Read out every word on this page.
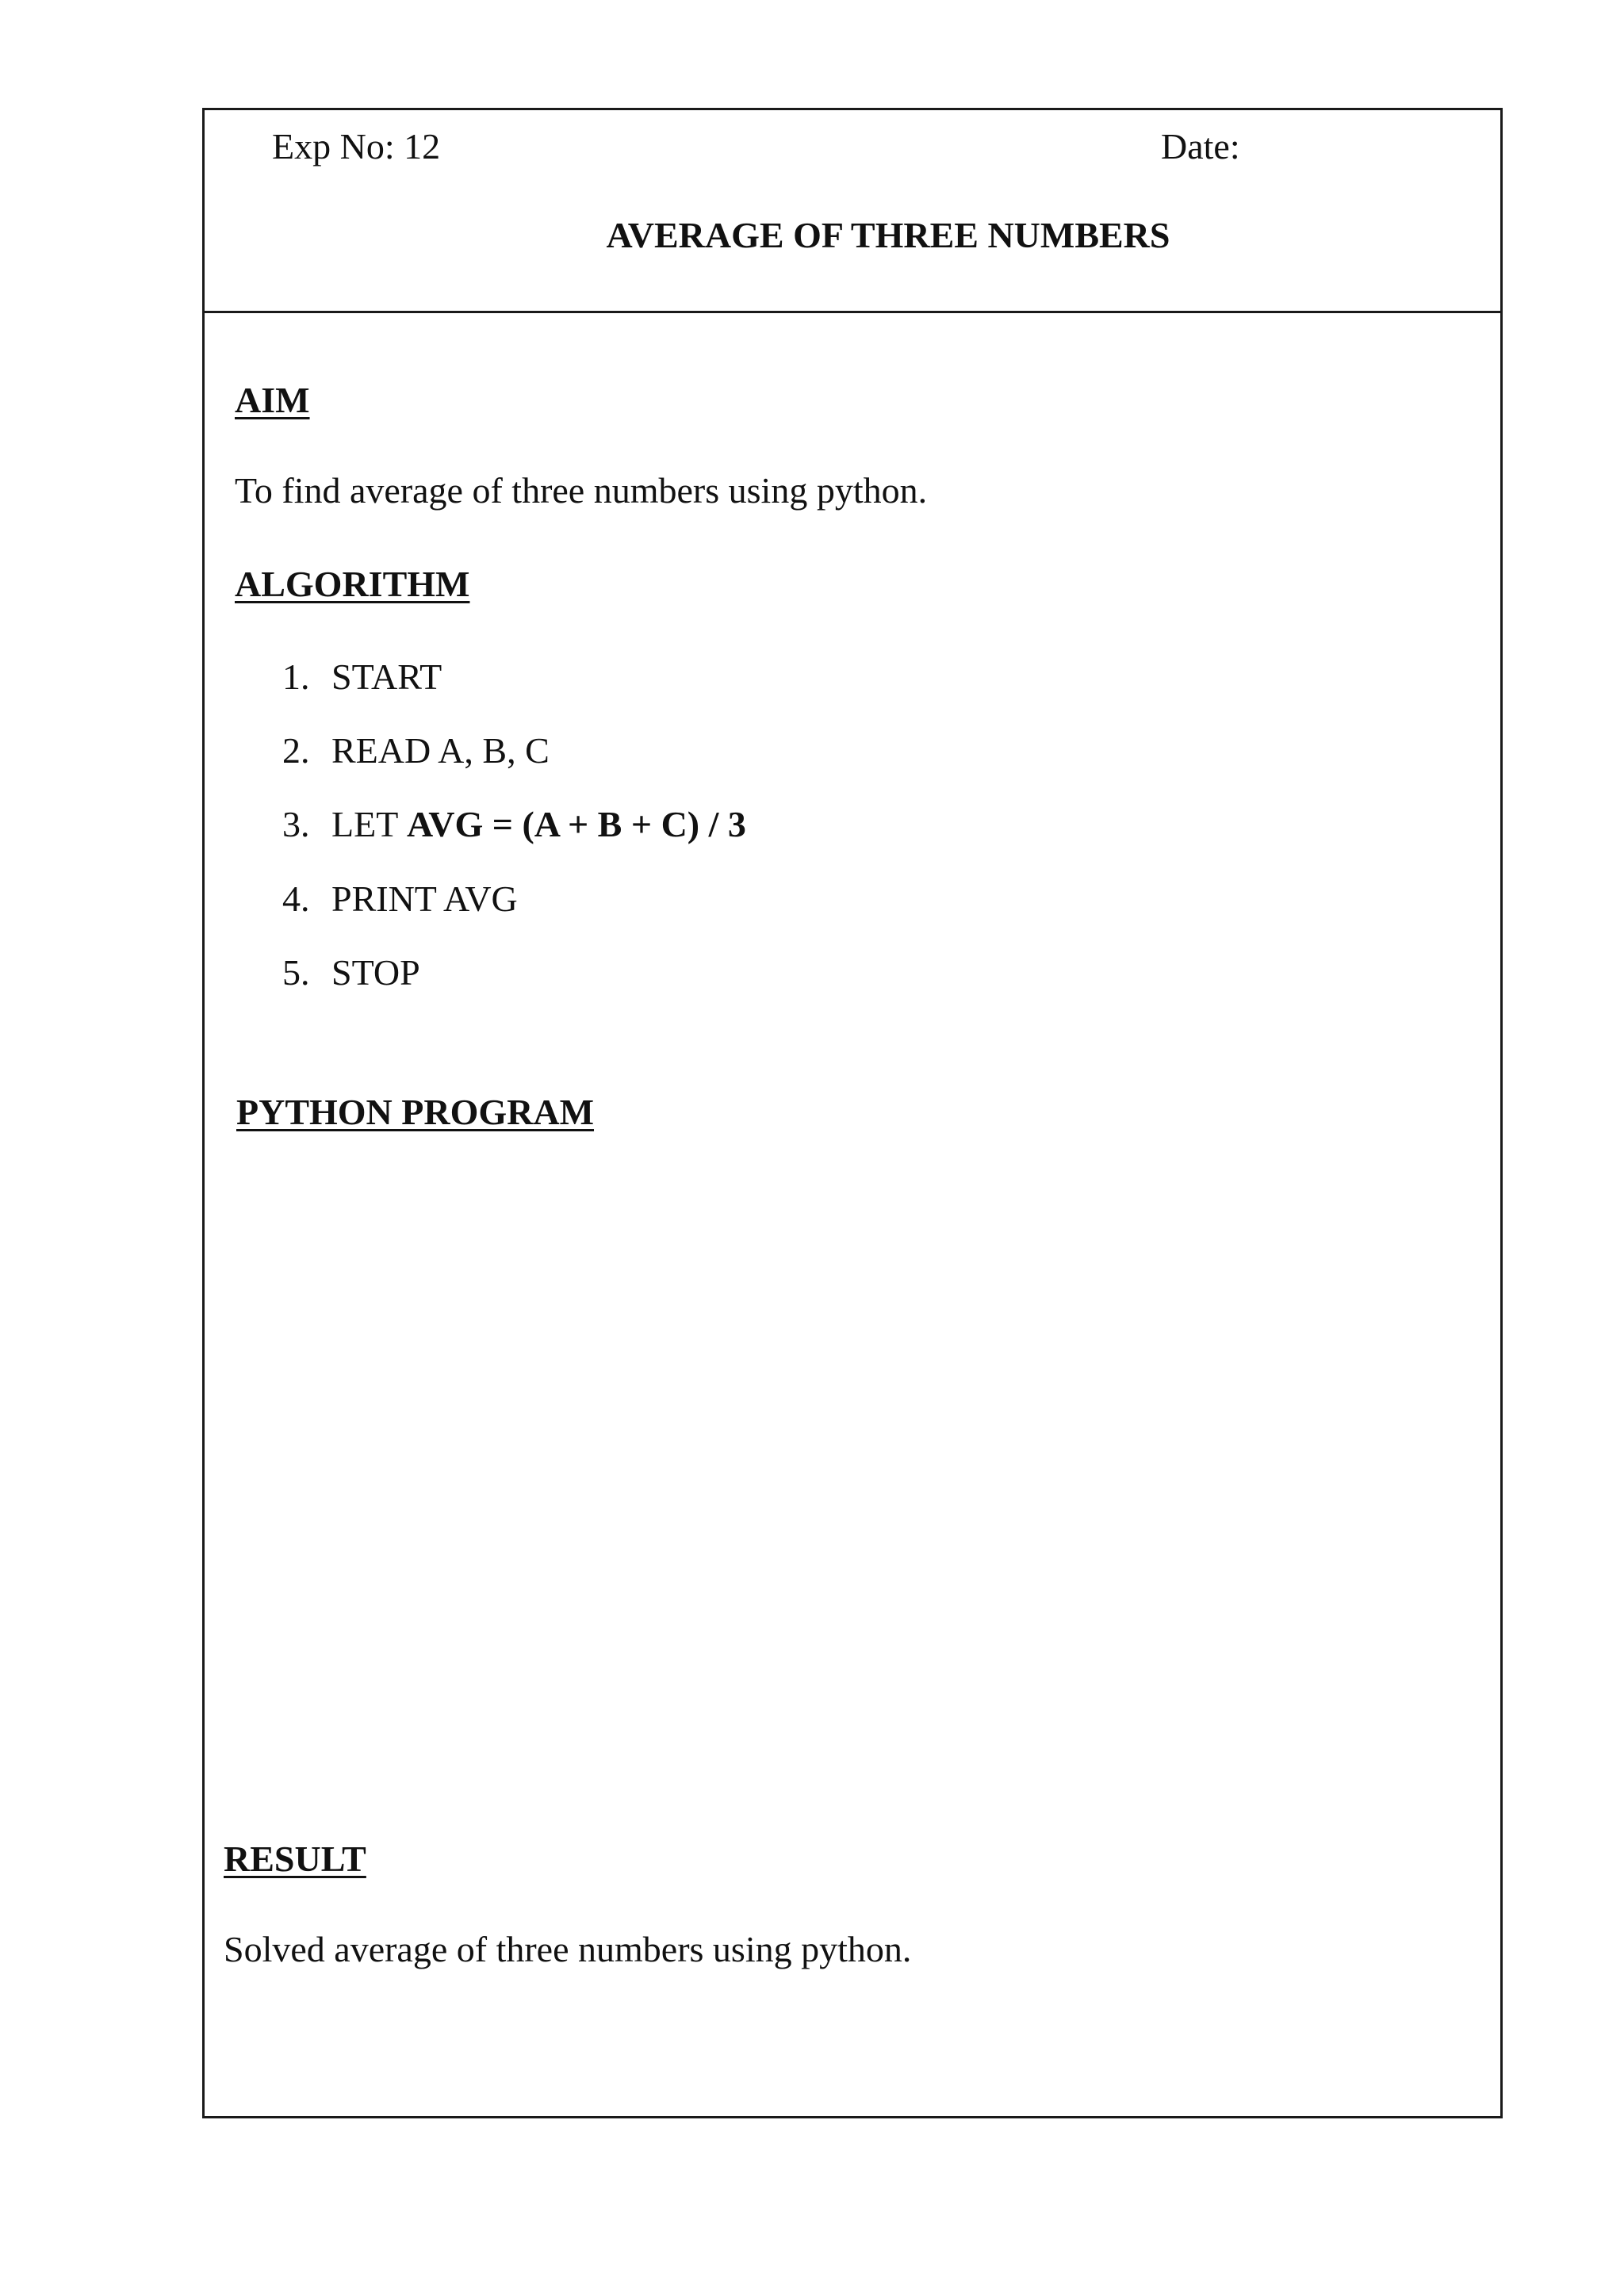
Exp No: 12	Date:
AVERAGE OF THREE NUMBERS
AIM
To find average of three numbers using python.
ALGORITHM
1. START
2. READ A, B, C
3. LET AVG = (A + B + C) / 3
4. PRINT AVG
5. STOP
PYTHON PROGRAM
RESULT
Solved average of three numbers using python.
